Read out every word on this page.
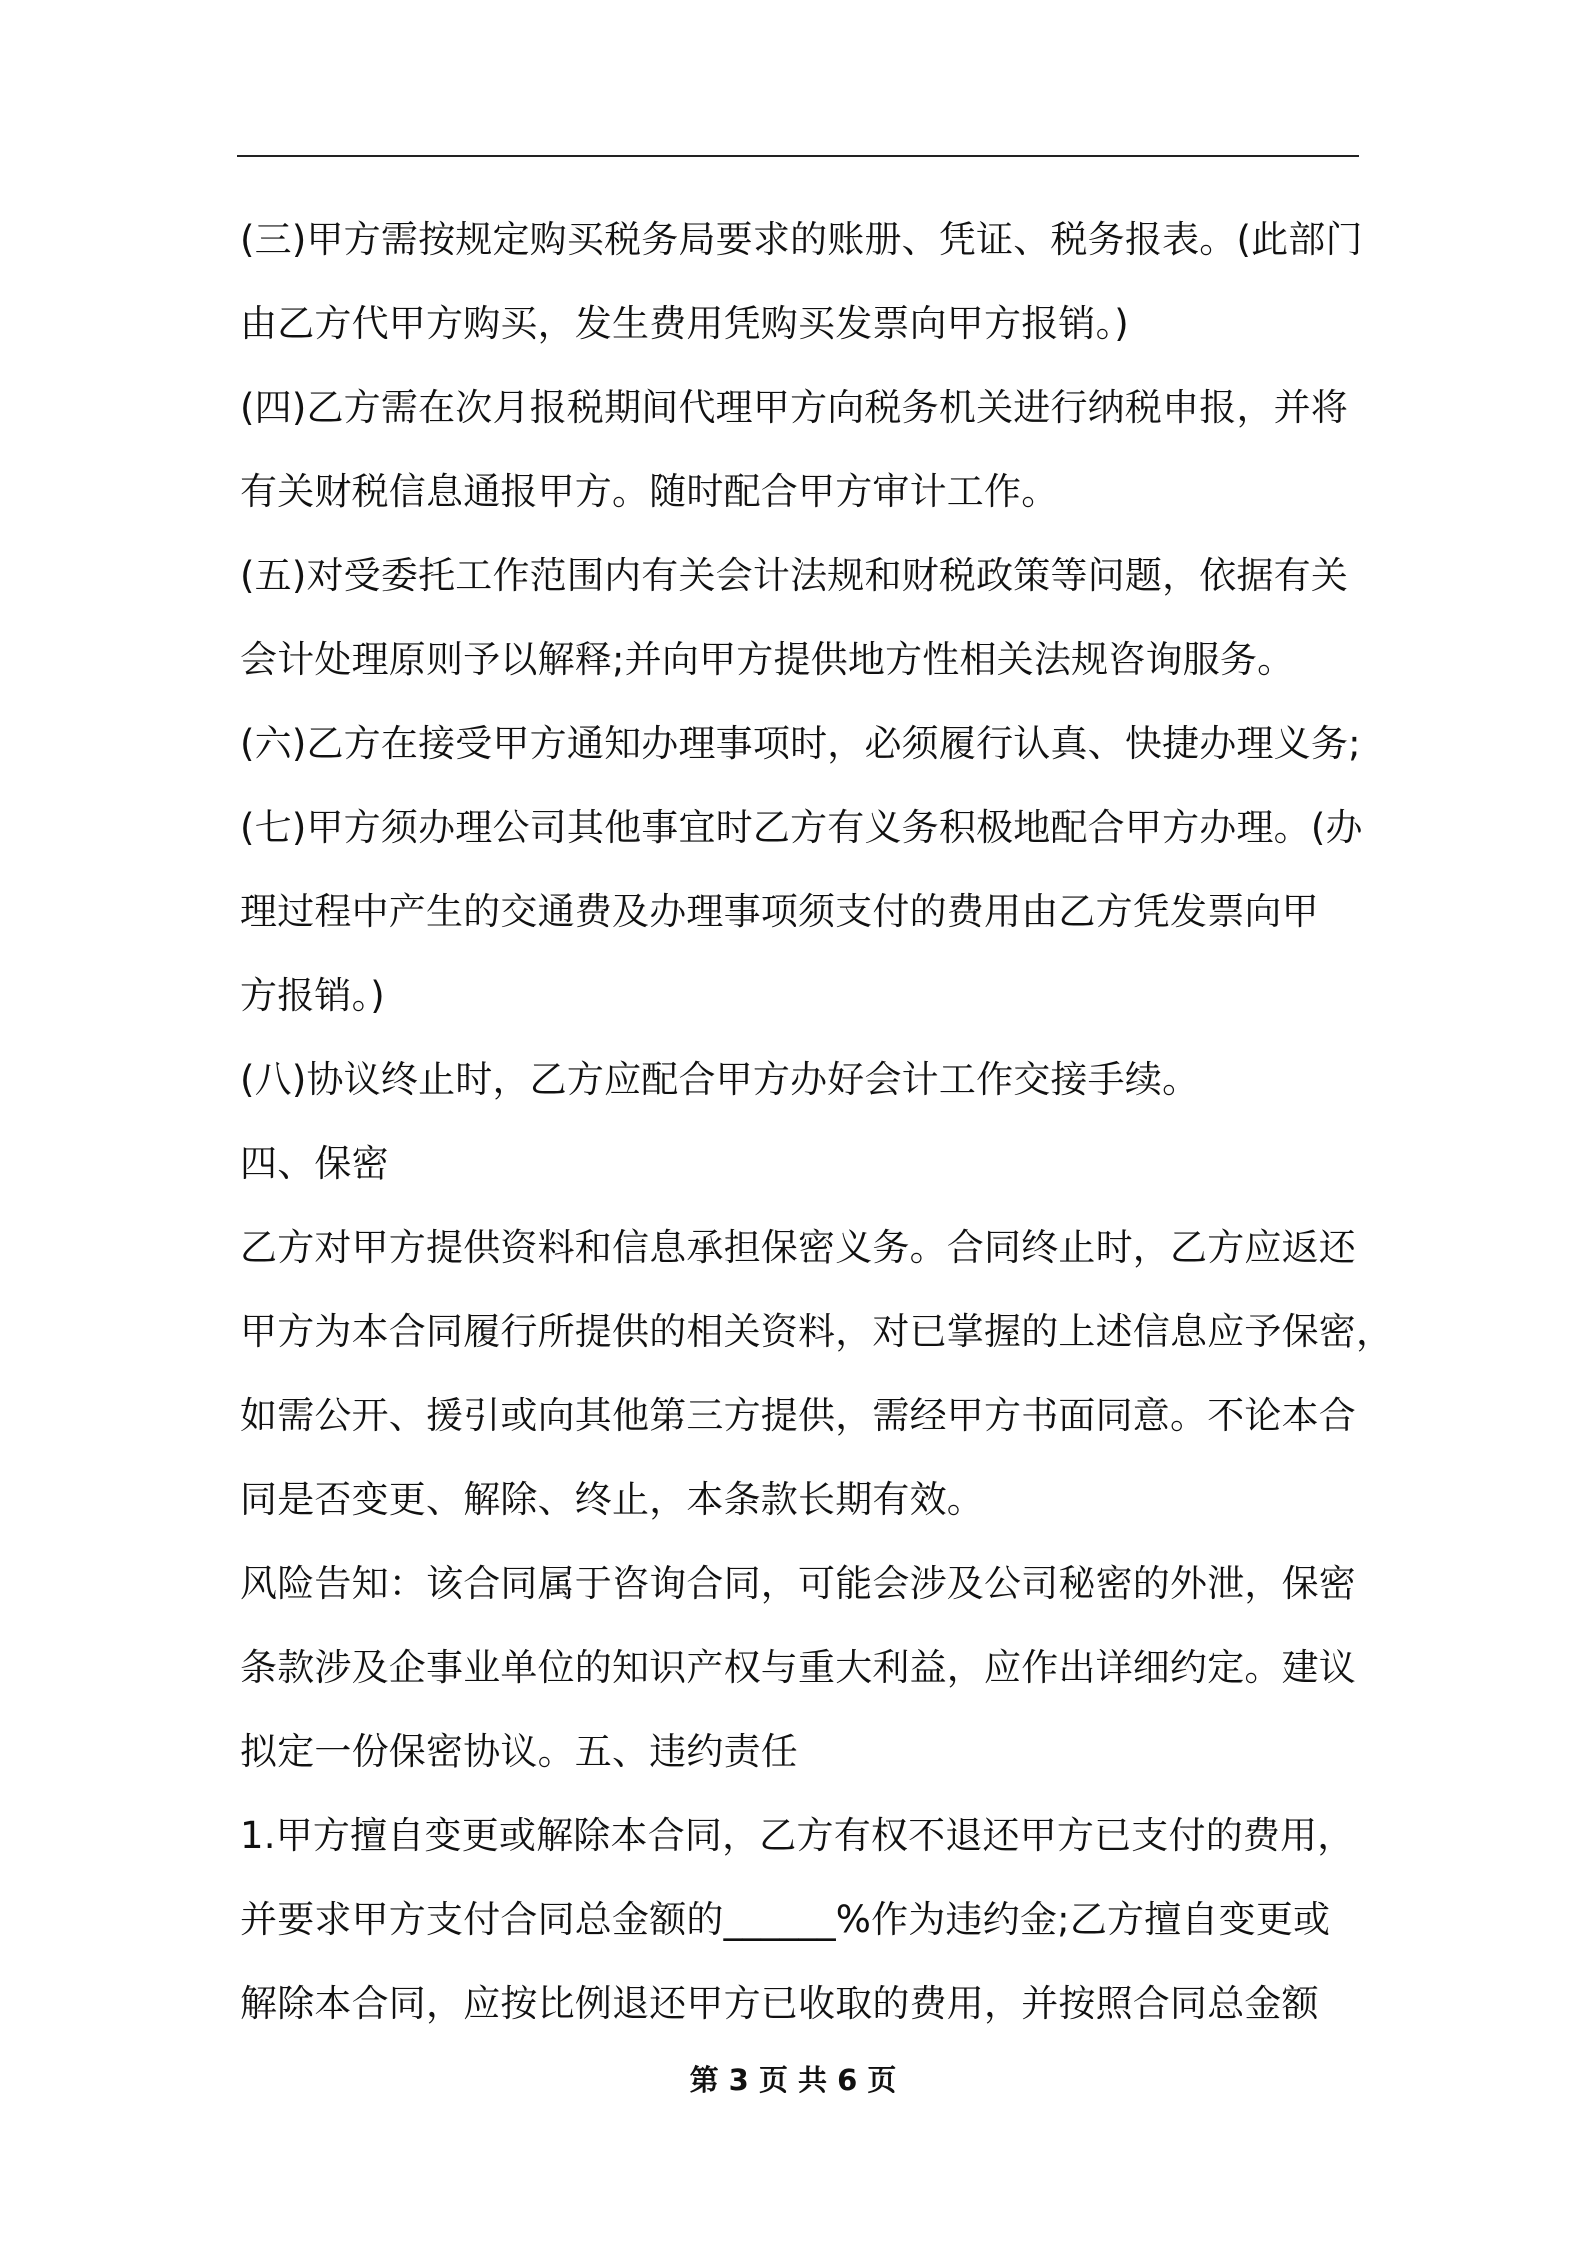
(三)甲方需按规定购买税务局要求的账册、凭证、税务报表。(此部门

由乙方代甲方购买，发生费用凭购买发票向甲方报销。)

(四)乙方需在次月报税期间代理甲方向税务机关进行纳税申报，并将

有关财税信息通报甲方。随时配合甲方审计工作。

(五)对受委托工作范围内有关会计法规和财税政策等问题，依据有关

会计处理原则予以解释;并向甲方提供地方性相关法规咨询服务。

(六)乙方在接受甲方通知办理事项时，必须履行认真、快捷办理义务;

(七)甲方须办理公司其他事宜时乙方有义务积极地配合甲方办理。(办

理过程中产生的交通费及办理事项须支付的费用由乙方凭发票向甲

方报销。)

(八)协议终止时，乙方应配合甲方办好会计工作交接手续。

四、保密

乙方对甲方提供资料和信息承担保密义务。合同终止时，乙方应返还

甲方为本合同履行所提供的相关资料，对已掌握的上述信息应予保密，

如需公开、援引或向其他第三方提供，需经甲方书面同意。不论本合

同是否变更、解除、终止，本条款长期有效。

风险告知：该合同属于咨询合同，可能会涉及公司秘密的外泄，保密

条款涉及企事业单位的知识产权与重大利益，应作出详细约定。建议

拟定一份保密协议。五、违约责任

1.甲方擅自变更或解除本合同，乙方有权不退还甲方已支付的费用，

并要求甲方支付合同总金额的______%作为违约金;乙方擅自变更或

解除本合同，应按比例退还甲方已收取的费用，并按照合同总金额

第 3 页 共 6 页
